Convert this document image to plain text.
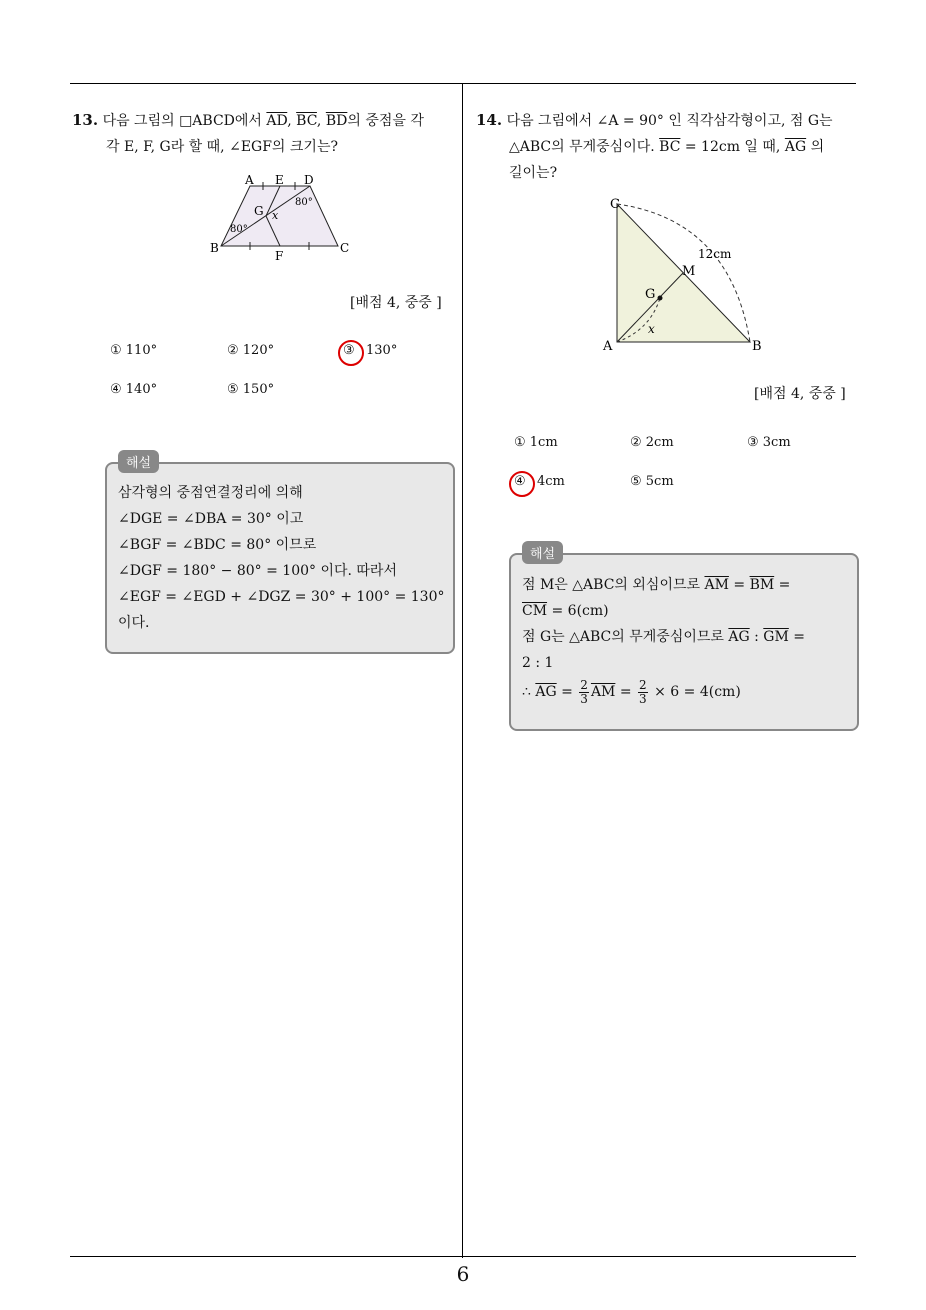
13. 다음 그림의 □ABCD에서 $\overline{AD}$, $\overline{BC}$, $\overline{BD}$의 중점을 각
각 E, F, G라 할 때, ∠EGF의 크기는?
A E D
G x
80°
80°
B
F
C
[배점 4, 중중 ]
① 110°	② 120°	③ 130°
④ 140°	⑤ 150°
해설
삼각형의 중점연결정리에 의해
∠DGE = ∠DBA = 30° 이고
∠BGF = ∠BDC = 80° 이므로
∠DGF = 180° − 80° = 100° 이다. 따라서
∠EGF = ∠EGD + ∠DGZ = 30° + 100° = 130°
이다.
14. 다음 그림에서 ∠A = 90° 인 직각삼각형이고, 점 G는
△ABC의 무게중심이다. $\overline{BC} = 12cm$ 일 때, $\overline{AG}$ 의
길이는?
C
12cm
M
G
x
A	B
[배점 4, 중중 ]
① 1cm	② 2cm	③ 3cm
④ 4cm	⑤ 5cm
해설
점 M은 △ABC의 외심이므로 $\overline{AM} = \overline{BM}$ =
$\overline{CM} = 6(cm)$
점 G는 △ABC의 무게중심이므로 $\overline{AG}$ : $\overline{GM}$ =
2 : 1
∴ $\overline{AG} = \frac{2}{3} \overline{AM} = \frac{2}{3} \times 6 = 4(cm)$
6
